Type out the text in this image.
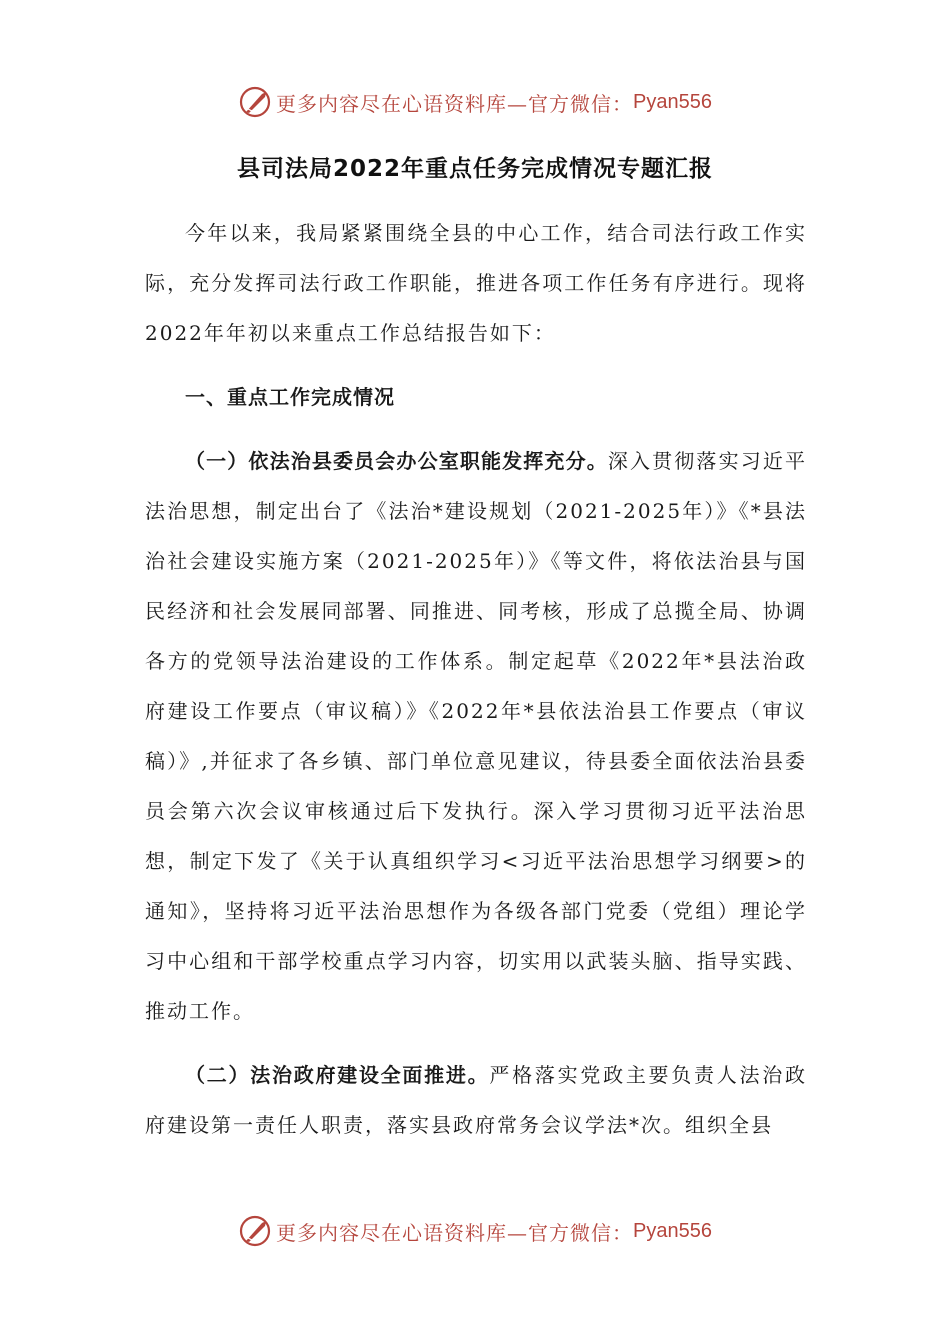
更多内容尽在心语资料库—官方微信： Pyan556
县司法局2022年重点任务完成情况专题汇报

今年以来，我局紧紧围绕全县的中心工作，结合司法行政工作实际，充分发挥司法行政工作职能，推进各项工作任务有序进行。现将2022年年初以来重点工作总结报告如下：

一、重点工作完成情况

（一）依法治县委员会办公室职能发挥充分。深入贯彻落实习近平法治思想，制定出台了《法治*建设规划（2021-2025年）》《*县法治社会建设实施方案（2021-2025年）》《等文件，将依法治县与国民经济和社会发展同部署、同推进、同考核，形成了总揽全局、协调各方的党领导法治建设的工作体系。制定起草《2022年*县法治政府建设工作要点（审议稿）》《2022年*县依法治县工作要点（审议稿）》,并征求了各乡镇、部门单位意见建议，待县委全面依法治县委员会第六次会议审核通过后下发执行。深入学习贯彻习近平法治思想，制定下发了《关于认真组织学习<习近平法治思想学习纲要>的通知》，坚持将习近平法治思想作为各级各部门党委（党组）理论学习中心组和干部学校重点学习内容，切实用以武装头脑、指导实践、推动工作。

（二）法治政府建设全面推进。严格落实党政主要负责人法治政府建设第一责任人职责，落实县政府常务会议学法*次。组织全县

更多内容尽在心语资料库—官方微信： Pyan556
